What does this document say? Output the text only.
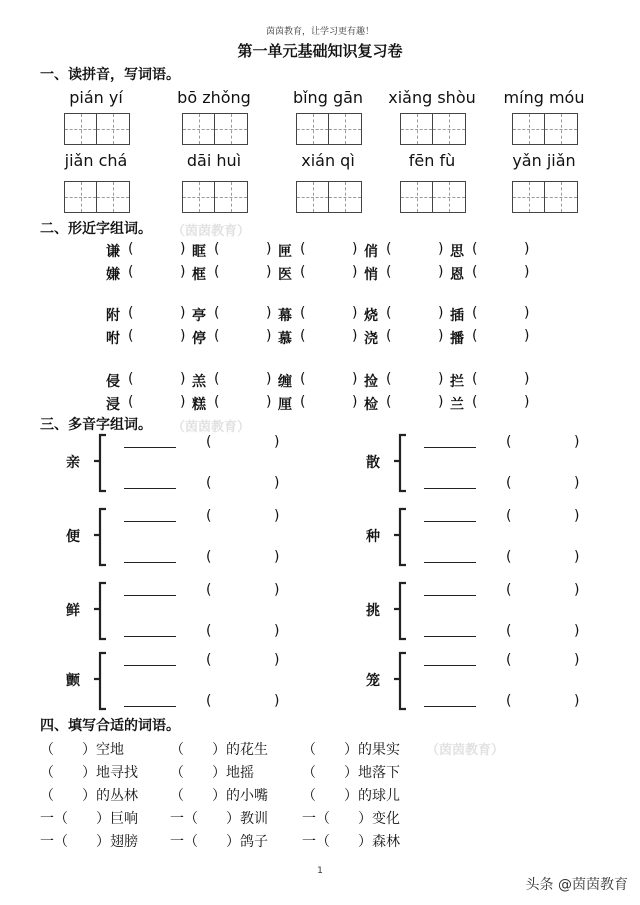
茵茵教育，让学习更有趣！
第一单元基础知识复习卷
一、读拼音，写词语。
pián yí	bō zhǒng	bǐng gān	xiǎng shòu	míng móu
jiǎn chá	dāi huì	xián qì	fēn fù	yǎn jiǎn
二、形近字组词。 （茵茵教育）
谦 (	) 眶 (	) 匣 (	) 俏 (	) 思 (	)
嫌 (	) 框 (	) 医 (	) 悄 (	) 恩 (	)
附 (	) 亭 (	) 幕 (	) 烧 (	) 插 (	)
咐 (	) 停 (	) 慕 (	) 浇 (	) 播 (	)
侵 (	) 羔 (	) 缠 (	) 捡 (	) 拦 (	)
浸 (	) 糕 (	) 厘 (	) 检 (	) 兰 (	)
三、多音字组词。 （茵茵教育）
亲
(	)
(	)
散
(	)
(	)
便
(	)
(	)
种
(	)
(	)
鲜
(	)
(	)
挑
(	)
(	)
颤
(	)
(	)
笼
(	)
(	)
四、填写合适的词语。
（　　）空地	（　　）的花生 （　　）的果实
（　　）地寻找 （　　）地摇	（　　）地落下
（　　）的丛林 （　　）的小嘴 （　　）的球儿
一（　　）巨响 一（　　）教训 一（　　）变化
一（　　）翅膀 一（　　）鸽子 一（　　）森林
（茵茵教育）
1
头条 @茵茵教育
